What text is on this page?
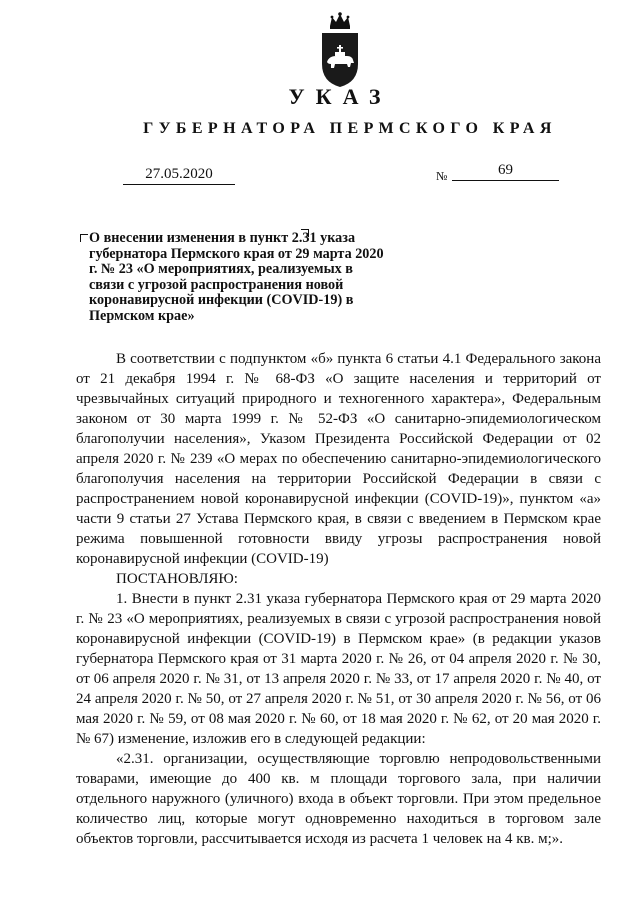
УКАЗ
ГУБЕРНАТОРА ПЕРМСКОГО КРАЯ
27.05.2020	№	69

О внесении изменения в пункт 2.31 указа губернатора Пермского края от 29 марта 2020 г. № 23 «О мероприятиях, реализуемых в связи с угрозой распространения новой коронавирусной инфекции (COVID-19) в Пермском крае»

В соответствии с подпунктом «б» пункта 6 статьи 4.1 Федерального закона от 21 декабря 1994 г. № 68-ФЗ «О защите населения и территорий от чрезвычайных ситуаций природного и техногенного характера», Федеральным законом от 30 марта 1999 г. № 52-ФЗ «О санитарно-эпидемиологическом благополучии населения», Указом Президента Российской Федерации от 02 апреля 2020 г. № 239 «О мерах по обеспечению санитарно-эпидемиологического благополучия населения на территории Российской Федерации в связи с распространением новой коронавирусной инфекции (COVID-19)», пунктом «а» части 9 статьи 27 Устава Пермского края, в связи с введением в Пермском крае режима повышенной готовности ввиду угрозы распространения новой коронавирусной инфекции (COVID-19)

ПОСТАНОВЛЯЮ:

1. Внести в пункт 2.31 указа губернатора Пермского края от 29 марта 2020 г. № 23 «О мероприятиях, реализуемых в связи с угрозой распространения новой коронавирусной инфекции (COVID-19) в Пермском крае» (в редакции указов губернатора Пермского края от 31 марта 2020 г. № 26, от 04 апреля 2020 г. № 30, от 06 апреля 2020 г. № 31, от 13 апреля 2020 г. № 33, от 17 апреля 2020 г. № 40, от 24 апреля 2020 г. № 50, от 27 апреля 2020 г. № 51, от 30 апреля 2020 г. № 56, от 06 мая 2020 г. № 59, от 08 мая 2020 г. № 60, от 18 мая 2020 г. № 62, от 20 мая 2020 г. № 67) изменение, изложив его в следующей редакции:

«2.31. организации, осуществляющие торговлю непродовольственными товарами, имеющие до 400 кв. м площади торгового зала, при наличии отдельного наружного (уличного) входа в объект торговли. При этом предельное количество лиц, которые могут одновременно находиться в торговом зале объектов торговли, рассчитывается исходя из расчета 1 человек на 4 кв. м;».
